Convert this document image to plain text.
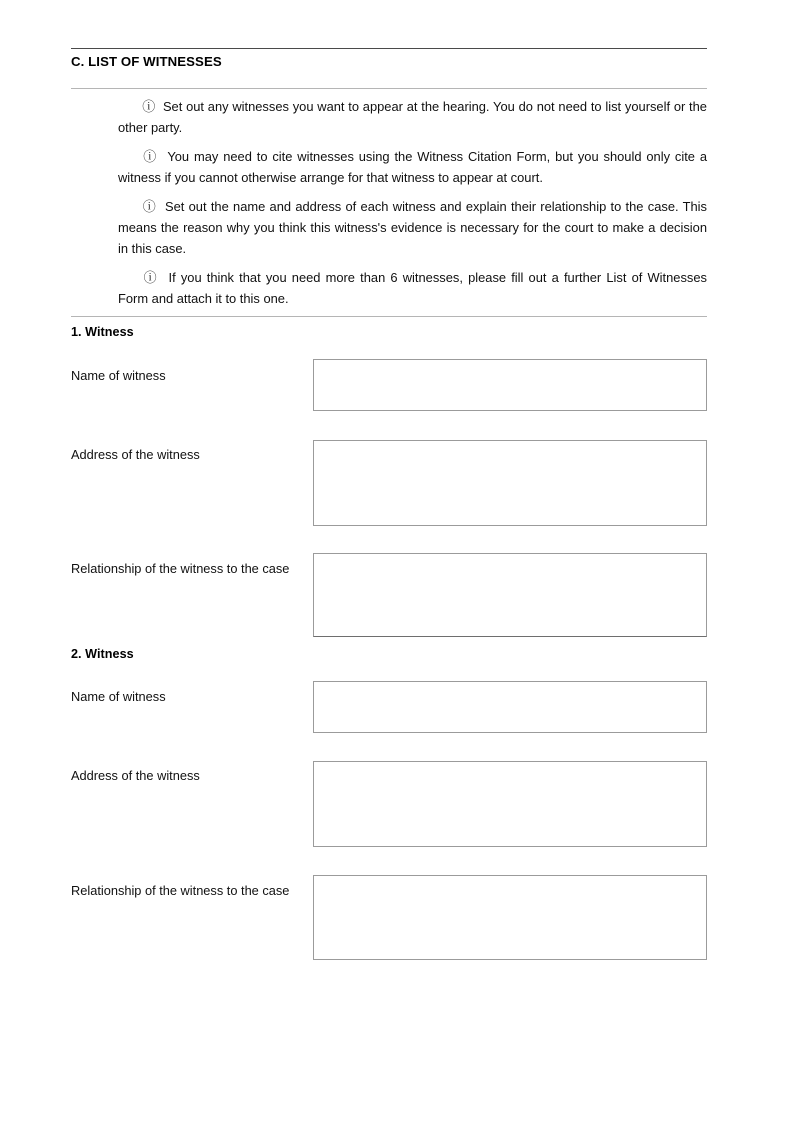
C. LIST OF WITNESSES
ⓘ Set out any witnesses you want to appear at the hearing. You do not need to list yourself or the other party.
ⓘ You may need to cite witnesses using the Witness Citation Form, but you should only cite a witness if you cannot otherwise arrange for that witness to appear at court.
ⓘ Set out the name and address of each witness and explain their relationship to the case. This means the reason why you think this witness's evidence is necessary for the court to make a decision in this case.
ⓘ If you think that you need more than 6 witnesses, please fill out a further List of Witnesses Form and attach it to this one.
1. Witness
Name of witness
Address of the witness
Relationship of the witness to the case
2. Witness
Name of witness
Address of the witness
Relationship of the witness to the case
